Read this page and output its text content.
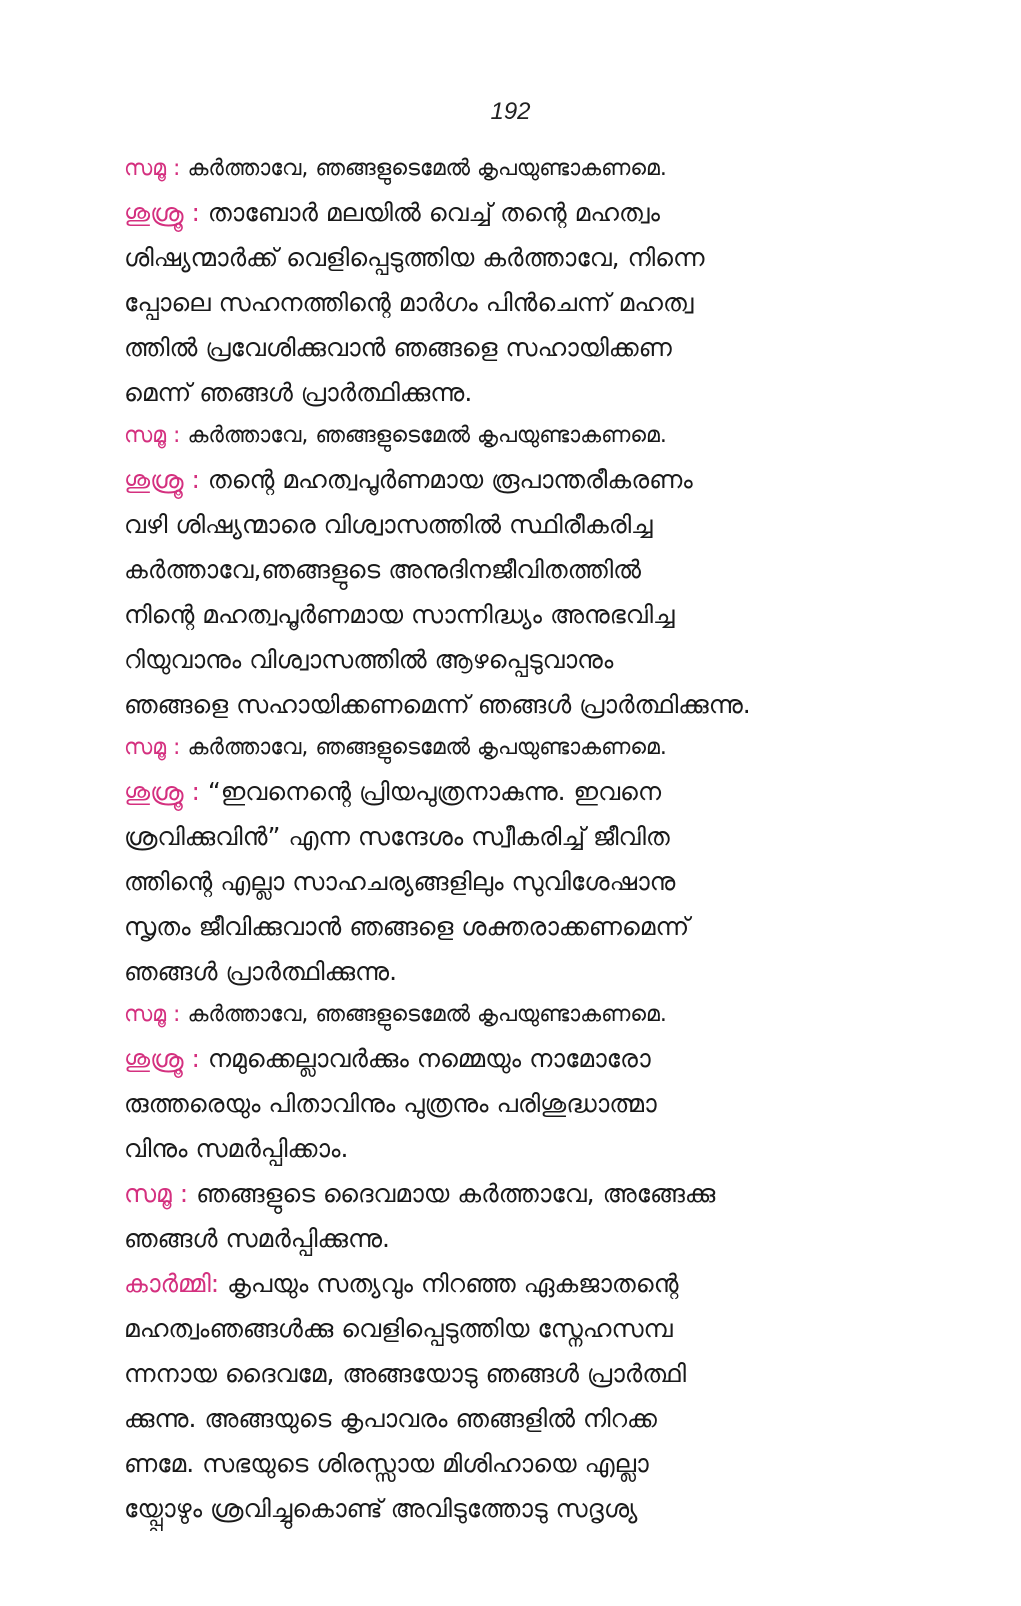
192

സമൂ : കർത്താവേ, ഞങ്ങളുടെമേൽ കൃപയുണ്ടാകണമെ.

ശുശ്രൂ : താബോർ മലയിൽ വെച്ച് തന്റെ മഹത്വം
ശിഷ്യന്മാർക്ക് വെളിപ്പെടുത്തിയ കർത്താവേ, നിന്നെ
പ്പോലെ സഹനത്തിന്റെ മാർഗം പിൻചെന്ന് മഹത്വ
ത്തിൽ പ്രവേശിക്കുവാൻ ഞങ്ങളെ സഹായിക്കണ
മെന്ന് ഞങ്ങൾ പ്രാർത്ഥിക്കുന്നു.

സമൂ : കർത്താവേ, ഞങ്ങളുടെമേൽ കൃപയുണ്ടാകണമെ.

ശുശ്രൂ : തന്റെ മഹത്വപൂർണമായ രൂപാന്തരീകരണം
വഴി ശിഷ്യന്മാരെ വിശ്വാസത്തിൽ സ്ഥിരീകരിച്ച
കർത്താവേ,ഞങ്ങളുടെ അനുദിനജീവിതത്തിൽ
നിന്റെ മഹത്വപൂർണമായ സാന്നിദ്ധ്യം അനുഭവിച്ച
റിയുവാനും വിശ്വാസത്തിൽ ആഴപ്പെടുവാനും
ഞങ്ങളെ സഹായിക്കണമെന്ന് ഞങ്ങൾ പ്രാർത്ഥിക്കുന്നു.

സമൂ : കർത്താവേ, ഞങ്ങളുടെമേൽ കൃപയുണ്ടാകണമെ.

ശുശ്രൂ : “ഇവനെന്റെ പ്രിയപുത്രനാകുന്നു. ഇവനെ
ശ്രവിക്കുവിൻ” എന്ന സന്ദേശം സ്വീകരിച്ച് ജീവിത
ത്തിന്റെ എല്ലാ സാഹചര്യങ്ങളിലും സുവിശേഷാനു
സൃതം ജീവിക്കുവാൻ ഞങ്ങളെ ശക്തരാക്കണമെന്ന്
ഞങ്ങൾ പ്രാർത്ഥിക്കുന്നു.

സമൂ : കർത്താവേ, ഞങ്ങളുടെമേൽ കൃപയുണ്ടാകണമെ.

ശുശ്രൂ : നമുക്കെല്ലാവർക്കും നമ്മെയും നാമോരോ
രുത്തരെയും പിതാവിനും പുത്രനും പരിശുദ്ധാത്മാ
വിനും സമർപ്പിക്കാം.

സമൂ : ഞങ്ങളുടെ ദൈവമായ കർത്താവേ, അങ്ങേക്കു
ഞങ്ങൾ സമർപ്പിക്കുന്നു.

കാർമ്മി: കൃപയും സത്യവും നിറഞ്ഞ ഏകജാതന്റെ
മഹത്വംഞങ്ങൾക്കു വെളിപ്പെടുത്തിയ സ്നേഹസമ്പ
ന്നനായ ദൈവമേ, അങ്ങയോടു ഞങ്ങൾ പ്രാർത്ഥി
ക്കുന്നു. അങ്ങയുടെ കൃപാവരം ഞങ്ങളിൽ നിറക്ക
ണമേ. സഭയുടെ ശിരസ്സായ മിശിഹായെ എല്ലാ
യ്പ്പോഴും ശ്രവിച്ചുകൊണ്ട് അവിടുത്തോടു സദൃശ്യ
